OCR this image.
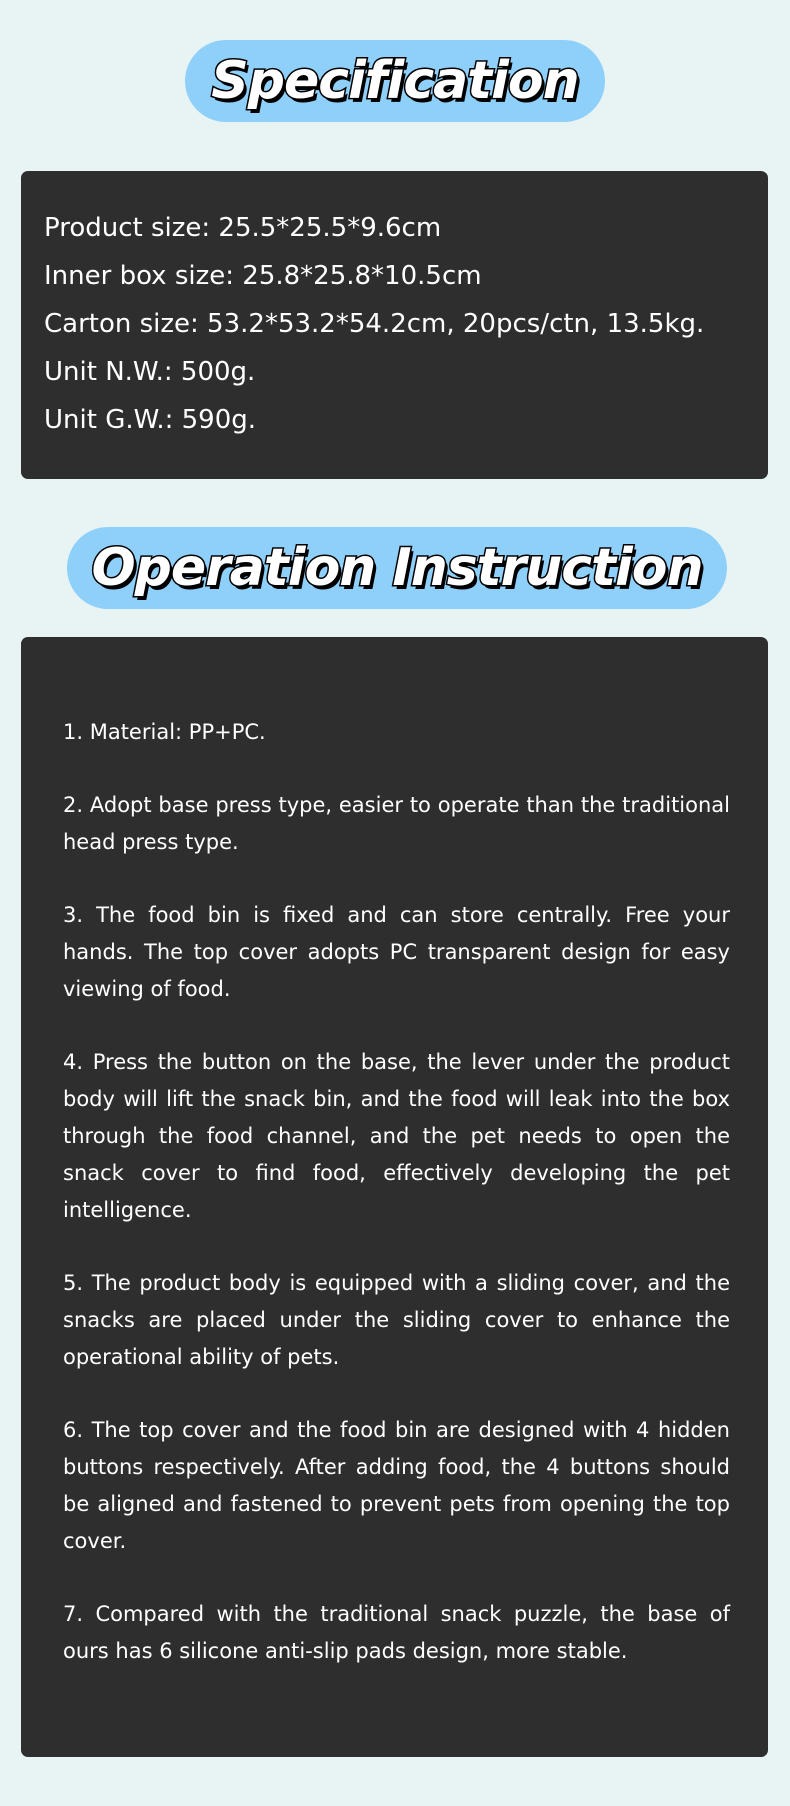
Specification
Product size: 25.5*25.5*9.6cm
Inner box size: 25.8*25.8*10.5cm
Carton size: 53.2*53.2*54.2cm, 20pcs/ctn, 13.5kg.
Unit N.W.: 500g.
Unit G.W.: 590g.
Operation Instruction

1. Material: PP+PC.

2. Adopt base press type, easier to operate than the traditional head press type.

3. The food bin is fixed and can store centrally. Free your hands. The top cover adopts PC transparent design for easy viewing of food.

4. Press the button on the base, the lever under the product body will lift the snack bin, and the food will leak into the box through the food channel, and the pet needs to open the snack cover to find food, effectively developing the pet intelligence.

5. The product body is equipped with a sliding cover, and the snacks are placed under the sliding cover to enhance the operational ability of pets.

6. The top cover and the food bin are designed with 4 hidden buttons respectively. After adding food, the 4 buttons should be aligned and fastened to prevent pets from opening the top cover.

7. Compared with the traditional snack puzzle, the base of ours has 6 silicone anti-slip pads design, more stable.
